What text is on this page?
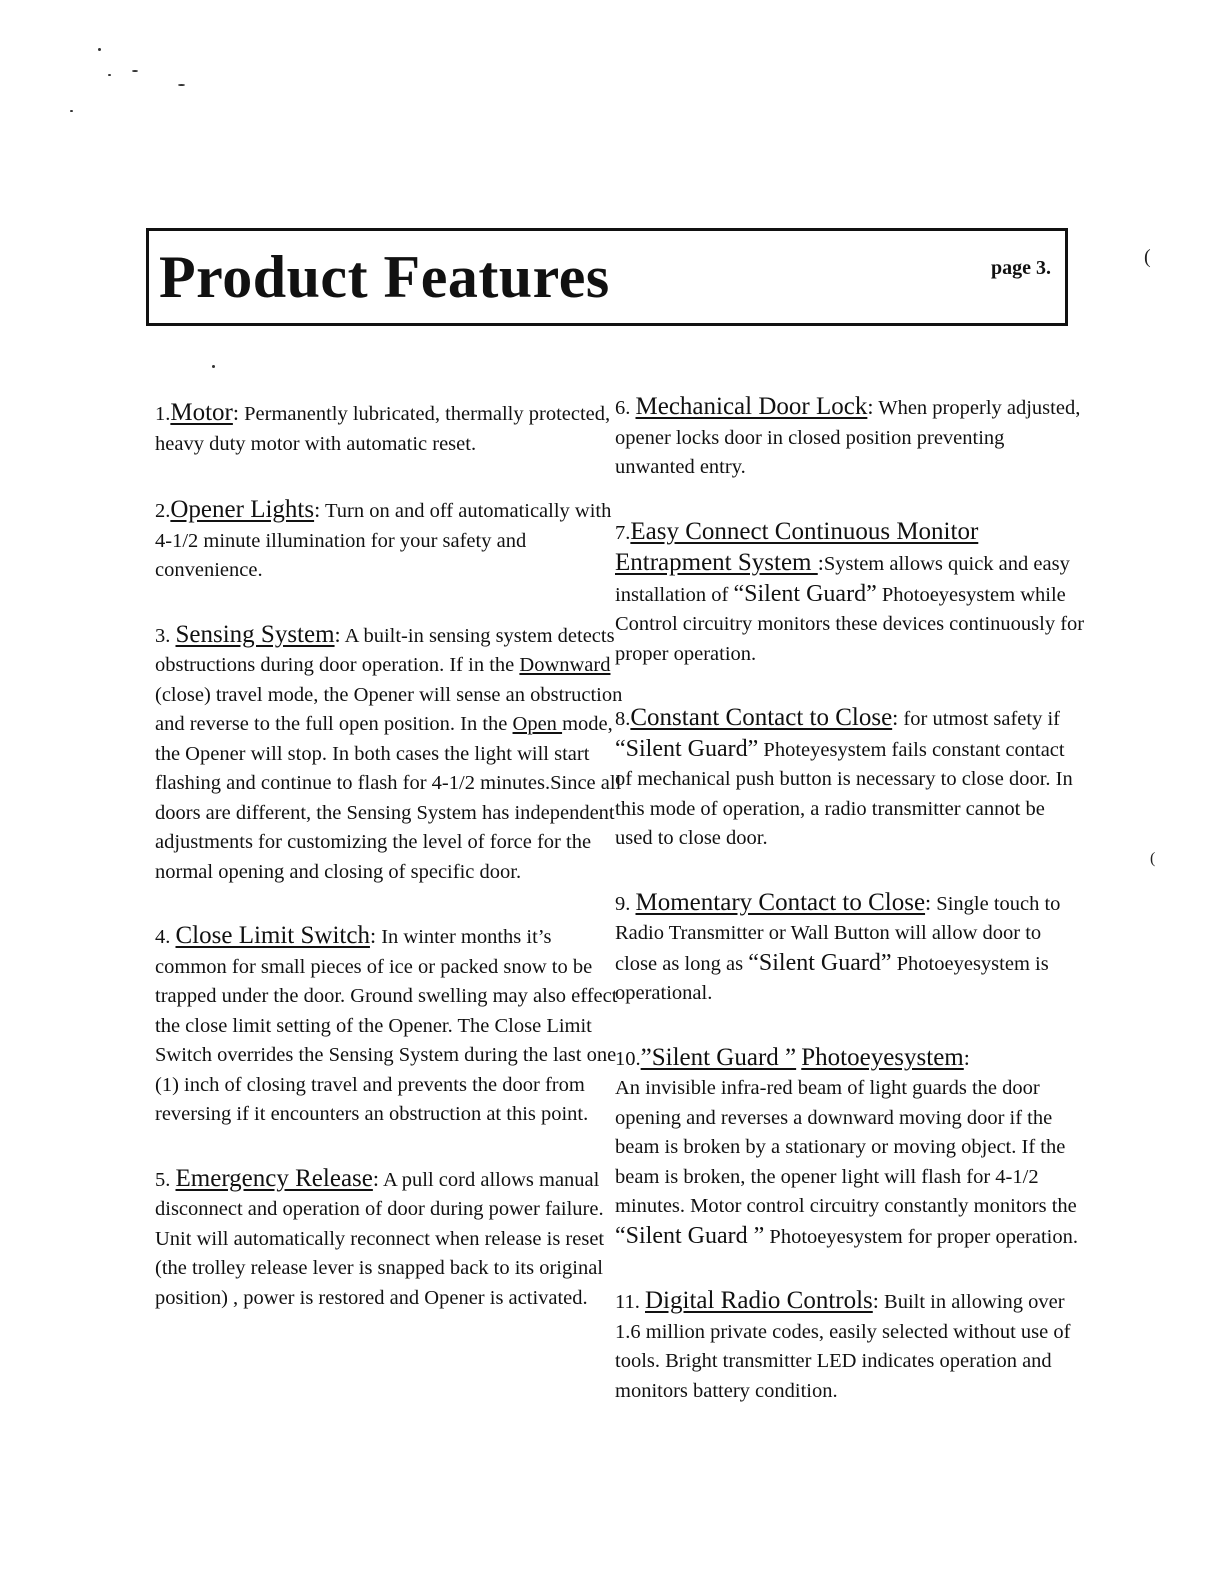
Product Features	page 3.	(
(

1.Motor: Permanently lubricated, thermally protected, heavy duty motor with automatic reset.

2.Opener Lights: Turn on and off automatically with 4-1/2 minute illumination for your safety and convenience.

3. Sensing System: A built-in sensing system detects obstructions during door operation. If in the Downward (close) travel mode, the Opener will sense an obstruction and reverse to the full open position. In the Open mode, the Opener will stop. In both cases the light will start flashing and continue to flash for 4-1/2 minutes.Since all doors are different, the Sensing System has independent adjustments for customizing the level of force for the normal opening and closing of specific door.

4. Close Limit Switch: In winter months it’s common for small pieces of ice or packed snow to be trapped under the door. Ground swelling may also effect the close limit setting of the Opener. The Close Limit Switch overrides the Sensing System during the last one (1) inch of closing travel and prevents the door from reversing if it encounters an obstruction at this point.

5. Emergency Release: A pull cord allows manual disconnect and operation of door during power failure. Unit will automatically reconnect when release is reset (the trolley release lever is snapped back to its original position) , power is restored and Opener is activated.

6. Mechanical Door Lock: When properly adjusted, opener locks door in closed position preventing unwanted entry.

7.Easy Connect Continuous Monitor Entrapment System :System allows quick and easy installation of “Silent Guard” Photoeyesystem while Control circuitry monitors these devices continuously for proper operation.

8.Constant Contact to Close: for utmost safety if “Silent Guard” Photeyesystem fails constant contact of mechanical push button is necessary to close door. In this mode of operation, a radio transmitter cannot be used to close door.

9. Momentary Contact to Close: Single touch to Radio Transmitter or Wall Button will allow door to close as long as “Silent Guard” Photoeyesystem is operational.

10.”Silent Guard ” Photoeyesystem:
An invisible infra-red beam of light guards the door opening and reverses a downward moving door if the beam is broken by a stationary or moving object. If the beam is broken, the opener light will flash for 4-1/2 minutes. Motor control circuitry constantly monitors the “Silent Guard ” Photoeyesystem for proper operation.

11. Digital Radio Controls: Built in allowing over 1.6 million private codes, easily selected without use of tools. Bright transmitter LED indicates operation and monitors battery condition.
